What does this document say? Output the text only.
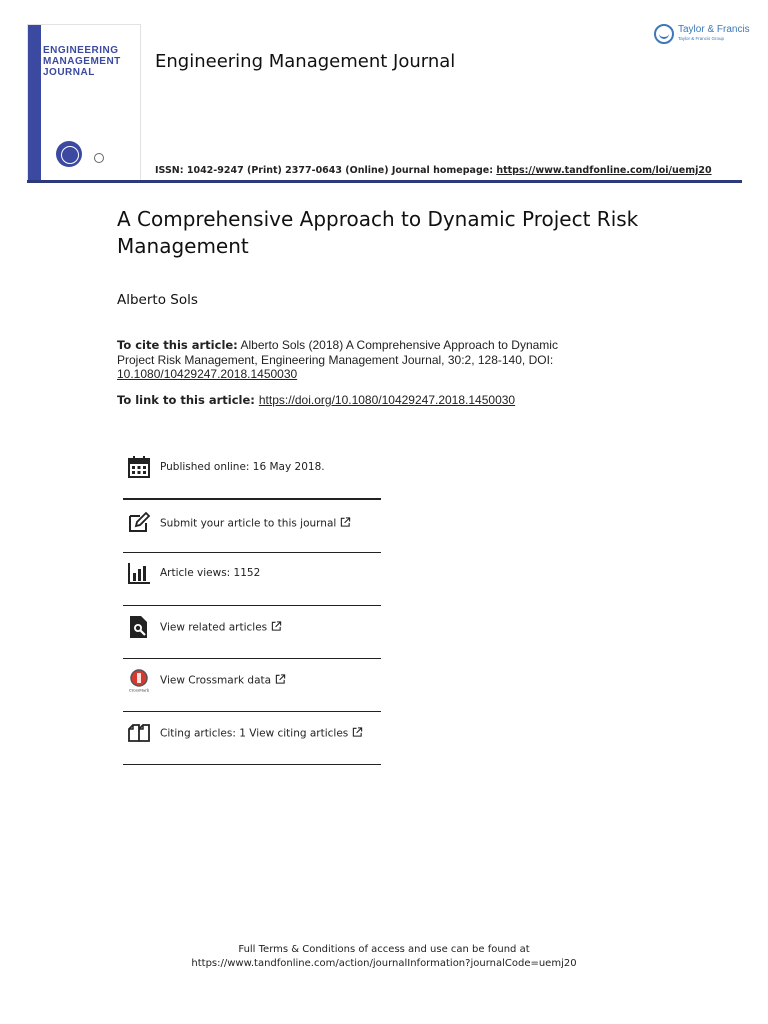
ENGINEERING
MANAGEMENT
JOURNAL
Engineering Management Journal
Taylor & Francis
Taylor & Francis Group
ISSN: 1042-9247 (Print) 2377-0643 (Online) Journal homepage: https://www.tandfonline.com/loi/uemj20
A Comprehensive Approach to Dynamic Project Risk Management
Alberto Sols
To cite this article: Alberto Sols (2018) A Comprehensive Approach to Dynamic Project Risk Management, Engineering Management Journal, 30:2, 128-140, DOI: 10.1080/10429247.2018.1450030
To link to this article: https://doi.org/10.1080/10429247.2018.1450030
Published online: 16 May 2018.
Submit your article to this journal
Article views: 1152
View related articles
CrossMark
View Crossmark data
Citing articles: 1 View citing articles
Full Terms & Conditions of access and use can be found at
https://www.tandfonline.com/action/journalInformation?journalCode=uemj20
